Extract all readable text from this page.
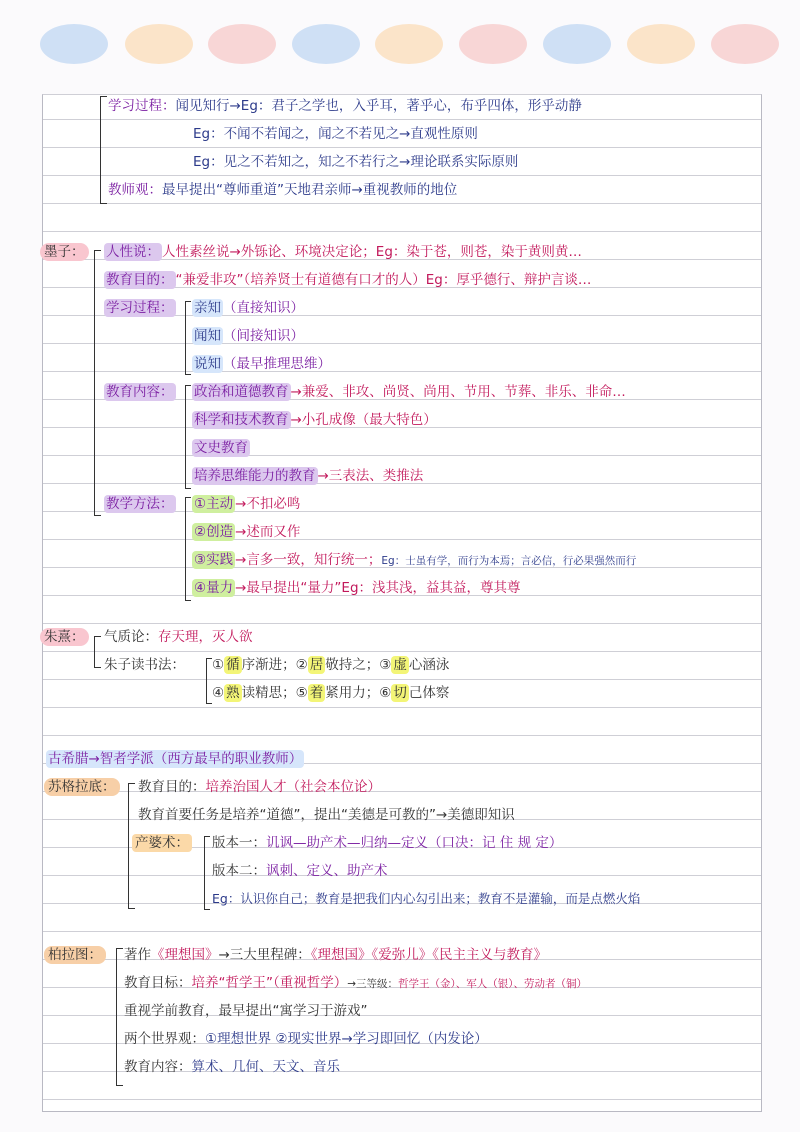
学习过程：闻见知行→Eg：君子之学也，入乎耳，著乎心，布乎四体，形乎动静
Eg：不闻不若闻之，闻之不若见之→直观性原则
Eg：见之不若知之，知之不若行之→理论联系实际原则
教师观：最早提出“尊师重道”天地君亲师→重视教师的地位
墨子： 人性说： 人性素丝说→外铄论、环境决定论；Eg：染于苍，则苍，染于黄则黄…
教育目的： “兼爱非攻”（培养贤士有道德有口才的人）Eg：厚乎德行、辩护言谈…
学习过程： 亲知 （直接知识）
闻知 （间接知识）
说知 （最早推理思维）
教育内容： 政治和道德教育 →兼爱、非攻、尚贤、尚用、节用、节葬、非乐、非命…
科学和技术教育 →小孔成像（最大特色）
文史教育
培养思维能力的教育 →三表法、类推法
教学方法： ①主动 →不扣必鸣
②创造 →述而又作
③实践 →言多一致，知行统一；Eg：士虽有学，而行为本焉；言必信，行必果强然而行
④量力 →最早提出“量力”Eg：浅其浅，益其益，尊其尊
朱熹： 气质论：存天理，灭人欲
朱子读书法： ① 循 序渐进；② 居 敬持之；③ 虚 心涵泳
④ 熟 读精思；⑤ 着 紧用力；⑥ 切 己体察
古希腊→智者学派（西方最早的职业教师）
苏格拉底： 教育目的：培养治国人才（社会本位论）
教育首要任务是培养“道德”，提出“美德是可教的”→美德即知识
产婆术： 版本一：讥讽—助产术—归纳—定义（口决：记 住 规 定）
版本二：讽刺、定义、助产术
Eg：认识你自己；教育是把我们内心勾引出来；教育不是灌输，而是点燃火焰
柏拉图： 著作《理想国》→三大里程碑：《理想国》《爱弥儿》《民主主义与教育》
教育目标：培养“哲学王”（重视哲学）→三等级：哲学王（金）、军人（银）、劳动者（铜）
重视学前教育，最早提出“寓学习于游戏”
两个世界观：①理想世界 ②现实世界→学习即回忆（内发论）
教育内容：算术、几何、天文、音乐
